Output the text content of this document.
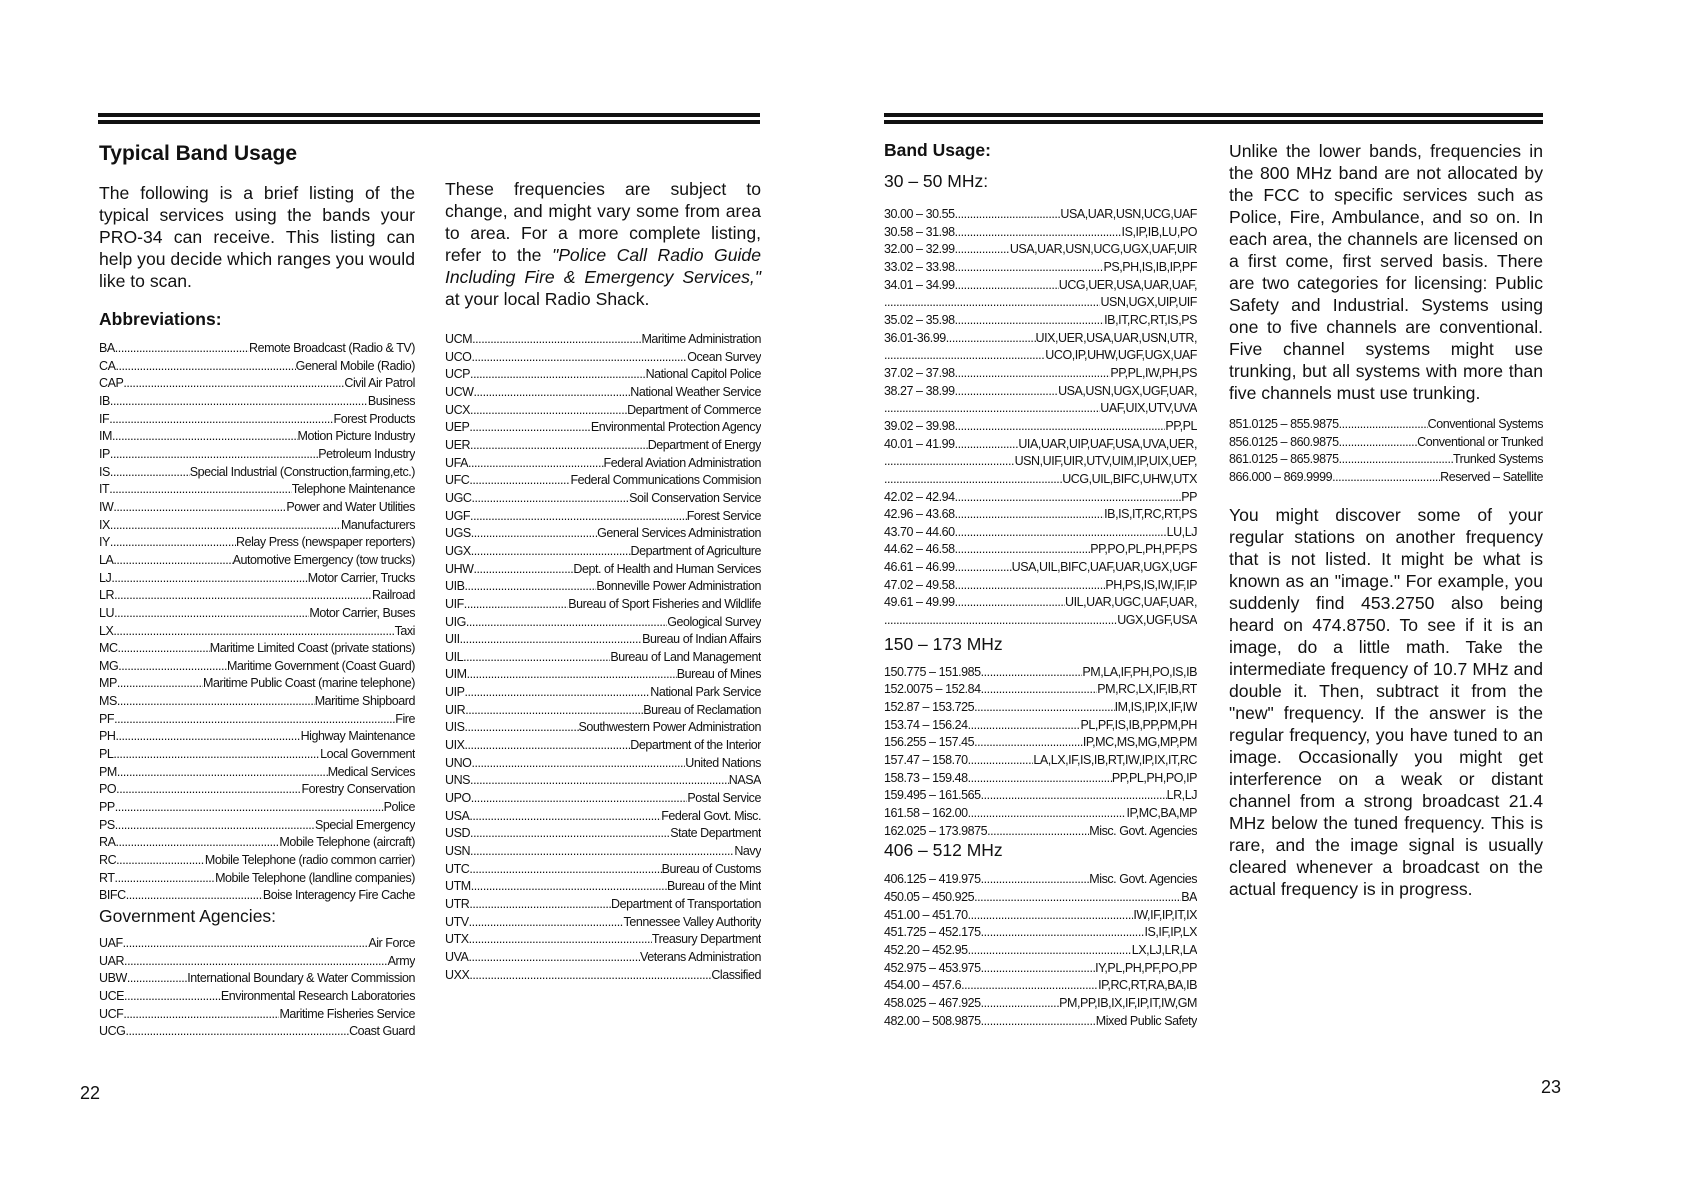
Typical Band Usage

The following is a brief listing of the typical services using the bands your PRO-34 can receive. This listing can help you decide which ranges you would like to scan.

Abbreviations:
BA .....	Remote Broadcast (Radio & TV)
CA .....	General Mobile (Radio)
CAP .....	Civil Air Patrol
IB .....	Business
IF .....	Forest Products
IM .....	Motion Picture Industry
IP .....	Petroleum Industry
IS .....	Special Industrial (Construction,farming,etc.)
IT .....	Telephone Maintenance
IW .....	Power and Water Utilities
IX .....	Manufacturers
IY .....	Relay Press (newspaper reporters)
LA .....	Automotive Emergency (tow trucks)
LJ .....	Motor Carrier, Trucks
LR .....	Railroad
LU .....	Motor Carrier, Buses
LX .....	Taxi
MC .....	Maritime Limited Coast (private stations)
MG .....	Maritime Government (Coast Guard)
MP .....	Maritime Public Coast (marine telephone)
MS .....	Maritime Shipboard
PF .....	Fire
PH .....	Highway Maintenance
PL .....	Local Government
PM .....	Medical Services
PO .....	Forestry Conservation
PP .....	Police
PS .....	Special Emergency
RA .....	Mobile Telephone (aircraft)
RC .....	Mobile Telephone (radio common carrier)
RT .....	Mobile Telephone (landline companies)
BIFC .....	Boise Interagency Fire Cache
Government Agencies:
UAF .....	Air Force
UAR .....	Army
UBW .....	International Boundary & Water Commission
UCE .....	Environmental Research Laboratories
UCF .....	Maritime Fisheries Service
UCG .....	Coast Guard

These frequencies are subject to change, and might vary some from area to area. For a more complete listing, refer to the "Police Call Radio Guide Including Fire & Emergency Services," at your local Radio Shack.

UCM .....	Maritime Administration
UCO .....	Ocean Survey
UCP .....	National Capitol Police
UCW .....	National Weather Service
UCX .....	Department of Commerce
UEP .....	Environmental Protection Agency
UER .....	Department of Energy
UFA .....	Federal Aviation Administration
UFC .....	Federal Communications Commision
UGC .....	Soil Conservation Service
UGF .....	Forest Service
UGS .....	General Services Administration
UGX .....	Department of Agriculture
UHW .....	Dept. of Health and Human Services
UIB .....	Bonneville Power Administration
UIF .....	Bureau of Sport Fisheries and Wildlife
UIG .....	Geological Survey
UII .....	Bureau of Indian Affairs
UIL .....	Bureau of Land Management
UIM .....	Bureau of Mines
UIP .....	National Park Service
UIR .....	Bureau of Reclamation
UIS .....	Southwestern Power Administration
UIX .....	Department of the Interior
UNO .....	United Nations
UNS .....	NASA
UPO .....	Postal Service
USA .....	Federal Govt. Misc.
USD .....	State Department
USN .....	Navy
UTC .....	Bureau of Customs
UTM .....	Bureau of the Mint
UTR .....	Department of Transportation
UTV .....	Tennessee Valley Authority
UTX .....	Treasury Department
UVA .....	Veterans Administration
UXX .....	Classified
Band Usage:
30 – 50 MHz:
30.00 – 30.55 .....	USA,UAR,USN,UCG,UAF
30.58 – 31.98 .....	IS,IP,IB,LU,PO
32.00 – 32.99 .....	USA,UAR,USN,UCG,UGX,UAF,UIR
33.02 – 33.98 .....	PS,PH,IS,IB,IP,PF
34.01 – 34.99 .....	UCG,UER,USA,UAR,UAF,
.....
USN,UGX,UIP,UIF
35.02 – 35.98 .....	IB,IT,RC,RT,IS,PS
36.01-36.99 .....	UIX,UER,USA,UAR,USN,UTR,
.....
UCO,IP,UHW,UGF,UGX,UAF
37.02 – 37.98 .....	PP,PL,IW,PH,PS
38.27 – 38.99 .....	USA,USN,UGX,UGF,UAR,
.....
UAF,UIX,UTV,UVA
39.02 – 39.98 .....	PP,PL
40.01 – 41.99 .....	UIA,UAR,UIP,UAF,USA,UVA,UER,
.....
USN,UIF,UIR,UTV,UIM,IP,UIX,UEP,
.....
UCG,UIL,BIFC,UHW,UTX
42.02 – 42.94 .....	PP
42.96 – 43.68 .....	IB,IS,IT,RC,RT,PS
43.70 – 44.60 .....	LU,LJ
44.62 – 46.58 .....	PP,PO,PL,PH,PF,PS
46.61 – 46.99 .....	USA,UIL,BIFC,UAF,UAR,UGX,UGF
47.02 – 49.58 .....	PH,PS,IS,IW,IF,IP
49.61 – 49.99 .....	UIL,UAR,UGC,UAF,UAR,
.....
UGX,UGF,USA
150 – 173 MHz
150.775 – 151.985 .....	PM,LA,IF,PH,PO,IS,IB
152.0075 – 152.84 .....	PM,RC,LX,IF,IB,RT
152.87 – 153.725 .....	IM,IS,IP,IX,IF,IW
153.74 – 156.24 .....	PL,PF,IS,IB,PP,PM,PH
156.255 – 157.45 .....	IP,MC,MS,MG,MP,PM
157.47 – 158.70 .....	LA,LX,IF,IS,IB,RT,IW,IP,IX,IT,RC
158.73 – 159.48 .....	PP,PL,PH,PO,IP
159.495 – 161.565 .....	LR,LJ
161.58 – 162.00 .....	IP,MC,BA,MP
162.025 – 173.9875 .....	Misc. Govt. Agencies
406 – 512 MHz
406.125 – 419.975 .....	Misc. Govt. Agencies
450.05 – 450.925 .....	BA
451.00 – 451.70 .....	IW,IF,IP,IT,IX
451.725 – 452.175 .....	IS,IF,IP,LX
452.20 – 452.95 .....	LX,LJ,LR,LA
452.975 – 453.975 .....	IY,PL,PH,PF,PO,PP
454.00 – 457.6 .....	IP,RC,RT,RA,BA,IB
458.025 – 467.925 .....	PM,PP,IB,IX,IF,IP,IT,IW,GM
482.00 – 508.9875 .....	Mixed Public Safety

Unlike the lower bands, frequencies in the 800 MHz band are not allocated by the FCC to specific services such as Police, Fire, Ambulance, and so on. In each area, the channels are licensed on a first come, first served basis. There are two categories for licensing: Public Safety and Industrial. Systems using one to five channels are conventional. Five channel systems might use trunking, but all systems with more than five channels must use trunking.

851.0125 – 855.9875 .....	Conventional Systems
856.0125 – 860.9875 .....	Conventional or Trunked
861.0125 – 865.9875 .....	Trunked Systems
866.000 – 869.9999 .....	Reserved – Satellite

You might discover some of your regular stations on another frequency that is not listed. It might be what is known as an "image." For example, you suddenly find 453.2750 also being heard on 474.8750. To see if it is an image, do a little math. Take the intermediate frequency of 10.7 MHz and double it. Then, subtract it from the "new" frequency. If the answer is the regular frequency, you have tuned to an image. Occasionally you might get interference on a weak or distant channel from a strong broadcast 21.4 MHz below the tuned frequency. This is rare, and the image signal is usually cleared whenever a broadcast on the actual frequency is in progress.

22	23
